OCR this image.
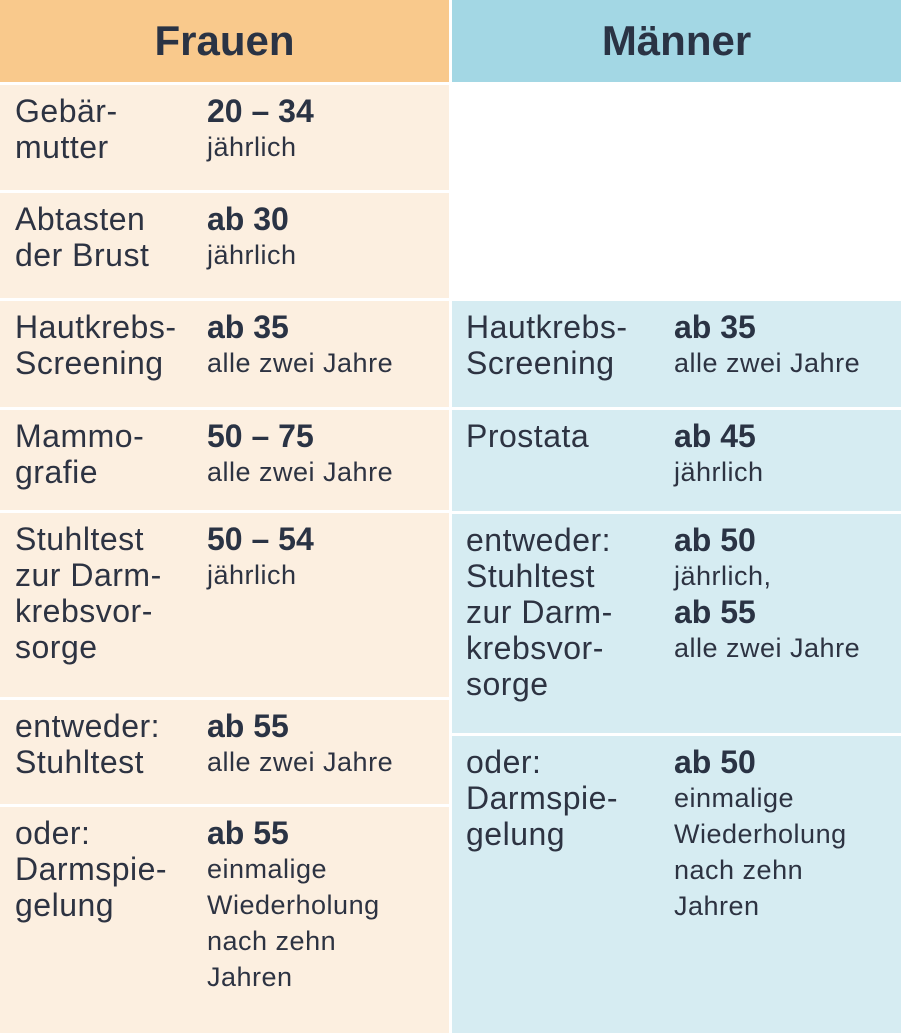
Frauen
Gebär-
mutter
20 – 34
jährlich
Abtasten
der Brust
ab 30
jährlich
Hautkrebs-
Screening
ab 35
alle zwei Jahre
Mammo-
grafie
50 – 75
alle zwei Jahre
Stuhltest
zur Darm-
krebsvor-
sorge
50 – 54
jährlich
entweder:
Stuhltest
ab 55
alle zwei Jahre
oder:
Darmspie-
gelung
ab 55
einmalige
Wiederholung
nach zehn
Jahren
Männer
Hautkrebs-
Screening
ab 35
alle zwei Jahre
Prostata	ab 45
jährlich
entweder:
Stuhltest
zur Darm-
krebsvor-
sorge
ab 50
jährlich,
ab 55
alle zwei Jahre
oder:
Darmspie-
gelung
ab 50
einmalige
Wiederholung
nach zehn
Jahren
